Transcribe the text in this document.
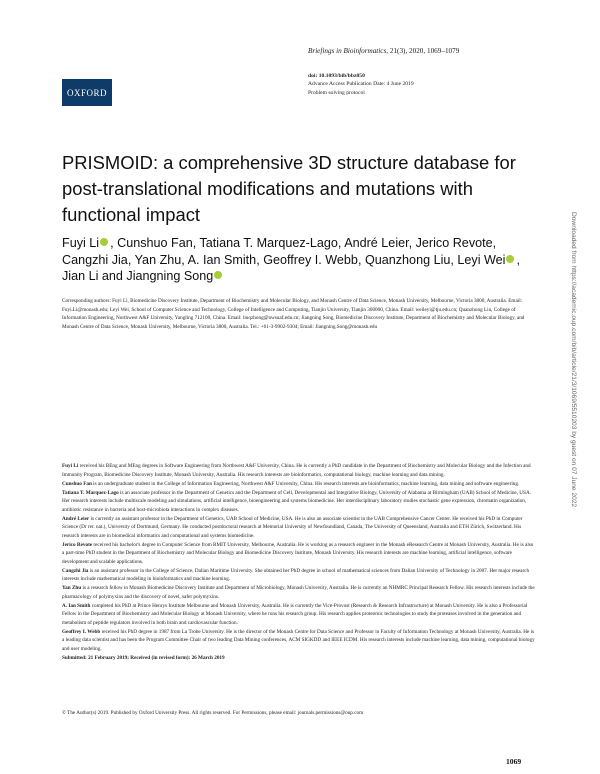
OXFORD
Briefings in Bioinformatics, 21(3), 2020, 1069–1079
doi: 10.1093/bib/bbz050
Advance Access Publication Date: 4 June 2019
Problem solving protocol
PRISMOID: a comprehensive 3D structure database for post-translational modifications and mutations with functional impact
Fuyi Li , Cunshuo Fan, Tatiana T. Marquez-Lago, André Leier, Jerico Revote, Cangzhi Jia, Yan Zhu, A. Ian Smith, Geoffrey I. Webb, Quanzhong Liu, Leyi Wei , Jian Li and Jiangning Song

Corresponding authors: Fuyi Li, Biomedicine Discovery Institute, Department of Biochemistry and Molecular Biology, and Monash Centre of Data Science, Monash University, Melbourne, Victoria 3800, Australia. Email: Fuyi.Li@monash.edu; Leyi Wei, School of Computer Science and Technology, College of Intelligence and Computing, Tianjin University, Tianjin 300000, China. Email: weileyi@tju.edu.cn; Quanzhong Liu, College of Information Engineering, Northwest A&F University, Yangling 712100, China. Email: liuqzhong@nwsuaf.edu.cn; Jiangning Song, Biomedicine Discovery Institute, Department of Biochemistry and Molecular Biology, and Monash Centre of Data Science, Monash University, Melbourne, Victoria 3800, Australia. Tel.: +61-3-9902-9304; Email: Jiangning.Song@monash.edu

Fuyi Li received his BEng and MEng degrees in Software Engineering from Northwest A&F University, China. He is currently a PhD candidate in the Department of Biochemistry and Molecular Biology and the Infection and Immunity Program, Biomedicine Discovery Institute, Monash University, Australia. His research interests are bioinformatics, computational biology, machine learning and data mining.

Cunshuo Fan is an undergraduate student in the College of Information Engineering, Northwest A&F University, China. His research interests are bioinformatics, machine learning, data mining and software engineering.

Tatiana T. Marquez-Lago is an associate professor in the Department of Genetics and the Department of Cell, Developmental and Integrative Biology, University of Alabama at Birmingham (UAB) School of Medicine, USA. Her research interests include multiscale modeling and simulations, artificial intelligence, bioengineering and systems biomedicine. Her interdisciplinary laboratory studies stochastic gene expression, chromatin organization, antibiotic resistance in bacteria and host-microbiota interactions in complex diseases.

André Leier is currently an assistant professor in the Department of Genetics, UAB School of Medicine, USA. He is also an associate scientist in the UAB Comprehensive Cancer Center. He received his PhD in Computer Science (Dr rer. nat.), University of Dortmund, Germany. He conducted postdoctoral research at Memorial University of Newfoundland, Canada, The University of Queensland, Australia and ETH Zürich, Switzerland. His research interests are in biomedical informatics and computational and systems biomedicine.

Jerico Revote received his bachelor's degree in Computer Science from RMIT University, Melbourne, Australia. He is working as a research engineer in the Monash eResearch Centre at Monash University, Australia. He is also a part-time PhD student in the Department of Biochemistry and Molecular Biology and Biomedicine Discovery Institute, Monash University. His research interests are machine learning, artificial intelligence, software development and scalable applications.

Cangzhi Jia is an assistant professor in the College of Science, Dalian Maritime University. She obtained her PhD degree in school of mathematical sciences from Dalian University of Technology in 2007. Her major research interests include mathematical modeling in bioinformatics and machine learning.

Yan Zhu is a research fellow in Monash Biomedicine Discovery Institute and Department of Microbiology, Monash University, Australia. He is currently an NHMRC Principal Research Fellow. His research interests include the pharmacology of polymyxins and the discovery of novel, safer polymyxins.

A. Ian Smith completed his PhD at Prince Henrys Institute Melbourne and Monash University, Australia. He is currently the Vice-Provost (Research & Research Infrastructure) at Monash University. He is also a Professorial Fellow in the Department of Biochemistry and Molecular Biology at Monash University, where he runs his research group. His research applies proteomic technologies to study the proteases involved in the generation and metabolism of peptide regulators involved in both brain and cardiovascular function.

Geoffrey I. Webb received his PhD degree in 1987 from La Trobe University. He is the director of the Monash Centre for Data Science and Professor in Faculty of Information Technology at Monash University, Australia. He is a leading data scientist and has been the Program Committee Chair of two leading Data Mining conferences, ACM SIGKDD and IEEE ICDM. His research interests include machine learning, data mining, computational biology and user modeling.

Submitted: 21 February 2019; Received (in revised form): 26 March 2019
© The Author(s) 2019. Published by Oxford University Press. All rights reserved. For Permissions, please email: journals.permissions@oup.com
1069
Downloaded from https://academic.oup.com/bib/article/21/3/1069/5510203 by guest on 07 June 2022
